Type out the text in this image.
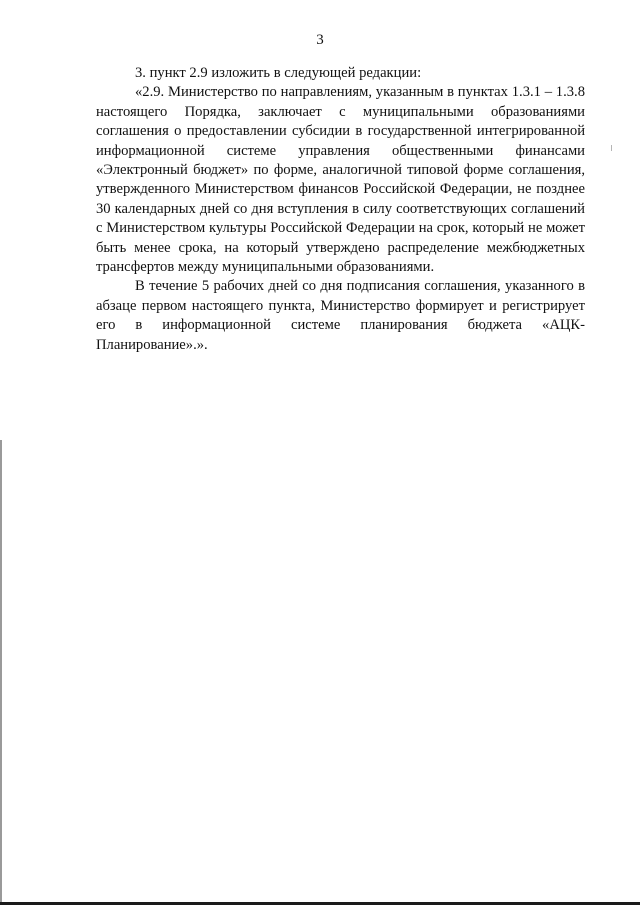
3

3. пункт 2.9 изложить в следующей редакции:

«2.9. Министерство по направлениям, указанным в пунктах 1.3.1 – 1.3.8 настоящего Порядка, заключает с муниципальными образованиями соглашения о предоставлении субсидии в государственной интегрированной информационной системе управления общественными финансами «Электронный бюджет» по форме, аналогичной типовой форме соглашения, утвержденного Министерством финансов Российской Федерации, не позднее 30 календарных дней со дня вступления в силу соответствующих соглашений с Министерством культуры Российской Федерации на срок, который не может быть менее срока, на который утверждено распределение межбюджетных трансфертов между муниципальными образованиями.

В течение 5 рабочих дней со дня подписания соглашения, указанного в абзаце первом настоящего пункта, Министерство формирует и регистрирует его в информационной системе планирования бюджета «АЦК-Планирование».».
